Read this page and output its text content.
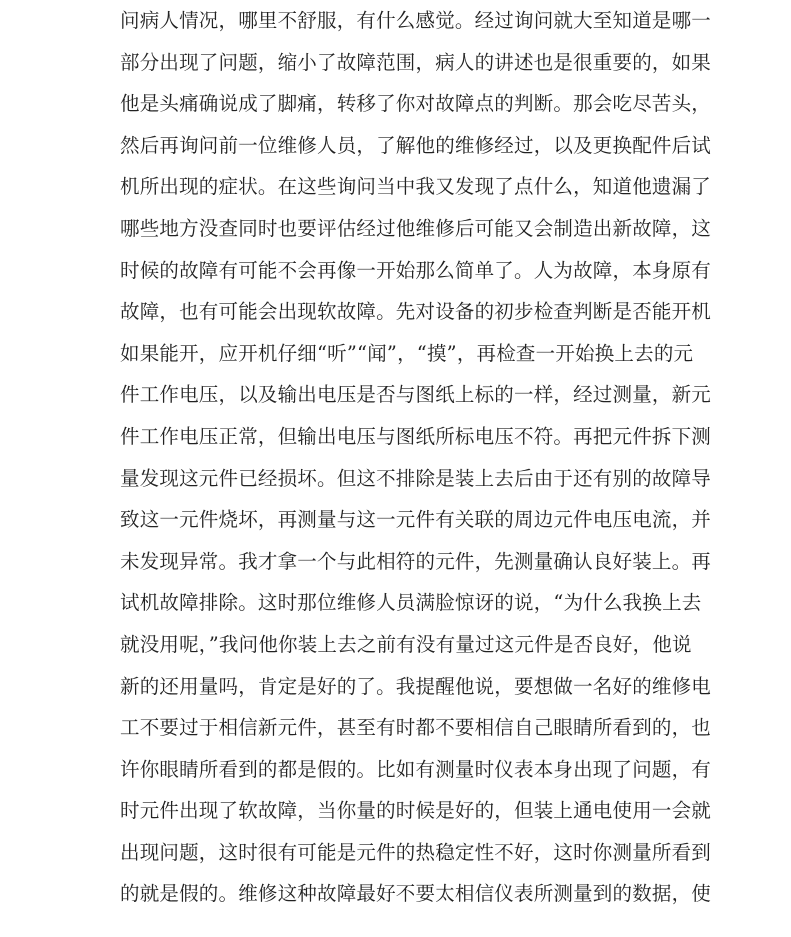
问病人情况，哪里不舒服，有什么感觉。经过询问就大至知道是哪一
部分出现了问题，缩小了故障范围，病人的讲述也是很重要的，如果
他是头痛确说成了脚痛，转移了你对故障点的判断。那会吃尽苦头，
然后再询问前一位维修人员，了解他的维修经过，以及更换配件后试
机所出现的症状。在这些询问当中我又发现了点什么，知道他遗漏了
哪些地方没查同时也要评估经过他维修后可能又会制造出新故障，这
时候的故障有可能不会再像一开始那么简单了。人为故障，本身原有
故障，也有可能会出现软故障。先对设备的初步检查判断是否能开机
如果能开，应开机仔细“听”“闻”，“摸”，再检查一开始换上去的元
件工作电压，以及输出电压是否与图纸上标的一样，经过测量，新元
件工作电压正常，但输出电压与图纸所标电压不符。再把元件拆下测
量发现这元件已经损坏。但这不排除是装上去后由于还有别的故障导
致这一元件烧坏，再测量与这一元件有关联的周边元件电压电流，并
未发现异常。我才拿一个与此相符的元件，先测量确认良好装上。再
试机故障排除。这时那位维修人员满脸惊讶的说，“为什么我换上去
就没用呢，”我问他你装上去之前有没有量过这元件是否良好，他说
新的还用量吗，肯定是好的了。我提醒他说，要想做一名好的维修电
工不要过于相信新元件，甚至有时都不要相信自己眼睛所看到的，也
许你眼睛所看到的都是假的。比如有测量时仪表本身出现了问题，有
时元件出现了软故障，当你量的时候是好的，但装上通电使用一会就
出现问题，这时很有可能是元件的热稳定性不好，这时你测量所看到
的就是假的。维修这种故障最好不要太相信仪表所测量到的数据，使
